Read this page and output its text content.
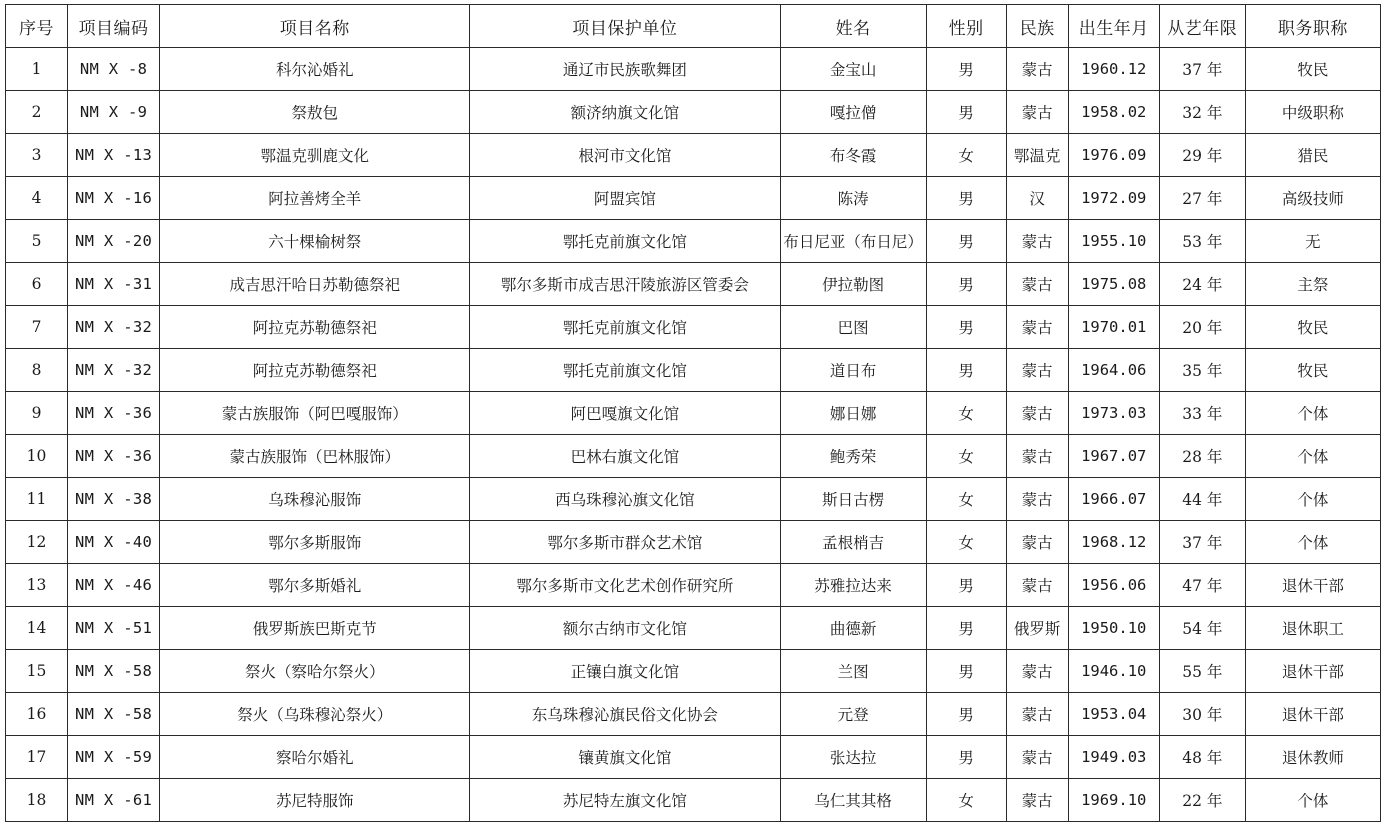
序号	项目编码	项目名称	项目保护单位	姓名	性别	民族	出生年月	从艺年限	职务职称
1	NM X -8	科尔沁婚礼	通辽市民族歌舞团	金宝山	男	蒙古	1960.12	37 年	牧民
2	NM X -9	祭敖包	额济纳旗文化馆	嘎拉僧	男	蒙古	1958.02	32 年	中级职称
3	NM X -13	鄂温克驯鹿文化	根河市文化馆	布冬霞	女	鄂温克	1976.09	29 年	猎民
4	NM X -16	阿拉善烤全羊	阿盟宾馆	陈涛	男	汉	1972.09	27 年	高级技师
5	NM X -20	六十棵榆树祭	鄂托克前旗文化馆	布日尼亚（布日尼）	男	蒙古	1955.10	53 年	无
6	NM X -31	成吉思汗哈日苏勒德祭祀	鄂尔多斯市成吉思汗陵旅游区管委会	伊拉勒图	男	蒙古	1975.08	24 年	主祭
7	NM X -32	阿拉克苏勒德祭祀	鄂托克前旗文化馆	巴图	男	蒙古	1970.01	20 年	牧民
8	NM X -32	阿拉克苏勒德祭祀	鄂托克前旗文化馆	道日布	男	蒙古	1964.06	35 年	牧民
9	NM X -36	蒙古族服饰（阿巴嘎服饰）	阿巴嘎旗文化馆	娜日娜	女	蒙古	1973.03	33 年	个体
10	NM X -36	蒙古族服饰（巴林服饰）	巴林右旗文化馆	鲍秀荣	女	蒙古	1967.07	28 年	个体
11	NM X -38	乌珠穆沁服饰	西乌珠穆沁旗文化馆	斯日古楞	女	蒙古	1966.07	44 年	个体
12	NM X -40	鄂尔多斯服饰	鄂尔多斯市群众艺术馆	孟根梢吉	女	蒙古	1968.12	37 年	个体
13	NM X -46	鄂尔多斯婚礼	鄂尔多斯市文化艺术创作研究所	苏雅拉达来	男	蒙古	1956.06	47 年	退休干部
14	NM X -51	俄罗斯族巴斯克节	额尔古纳市文化馆	曲德新	男	俄罗斯	1950.10	54 年	退休职工
15	NM X -58	祭火（察哈尔祭火）	正镶白旗文化馆	兰图	男	蒙古	1946.10	55 年	退休干部
16	NM X -58	祭火（乌珠穆沁祭火）	东乌珠穆沁旗民俗文化协会	元登	男	蒙古	1953.04	30 年	退休干部
17	NM X -59	察哈尔婚礼	镶黄旗文化馆	张达拉	男	蒙古	1949.03	48 年	退休教师
18	NM X -61	苏尼特服饰	苏尼特左旗文化馆	乌仁其其格	女	蒙古	1969.10	22 年	个体
